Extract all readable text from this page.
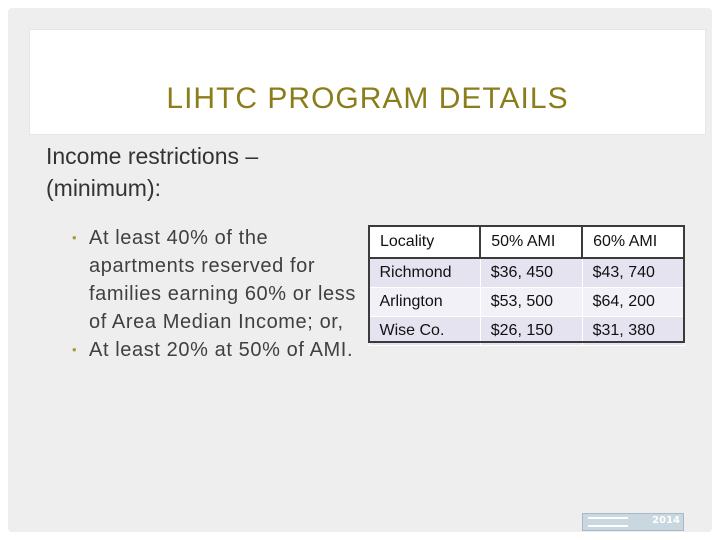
LIHTC PROGRAM DETAILS

Income restrictions – (minimum):

• At least 40% of the apartments reserved for families earning 60% or less of Area Median Income; or,
• At least 20% at 50% of AMI.
Locality	50% AMI	60% AMI
Richmond	$36, 450	$43, 740
Arlington	$53, 500	$64, 200
Wise Co.	$26, 150	$31, 380
2014
